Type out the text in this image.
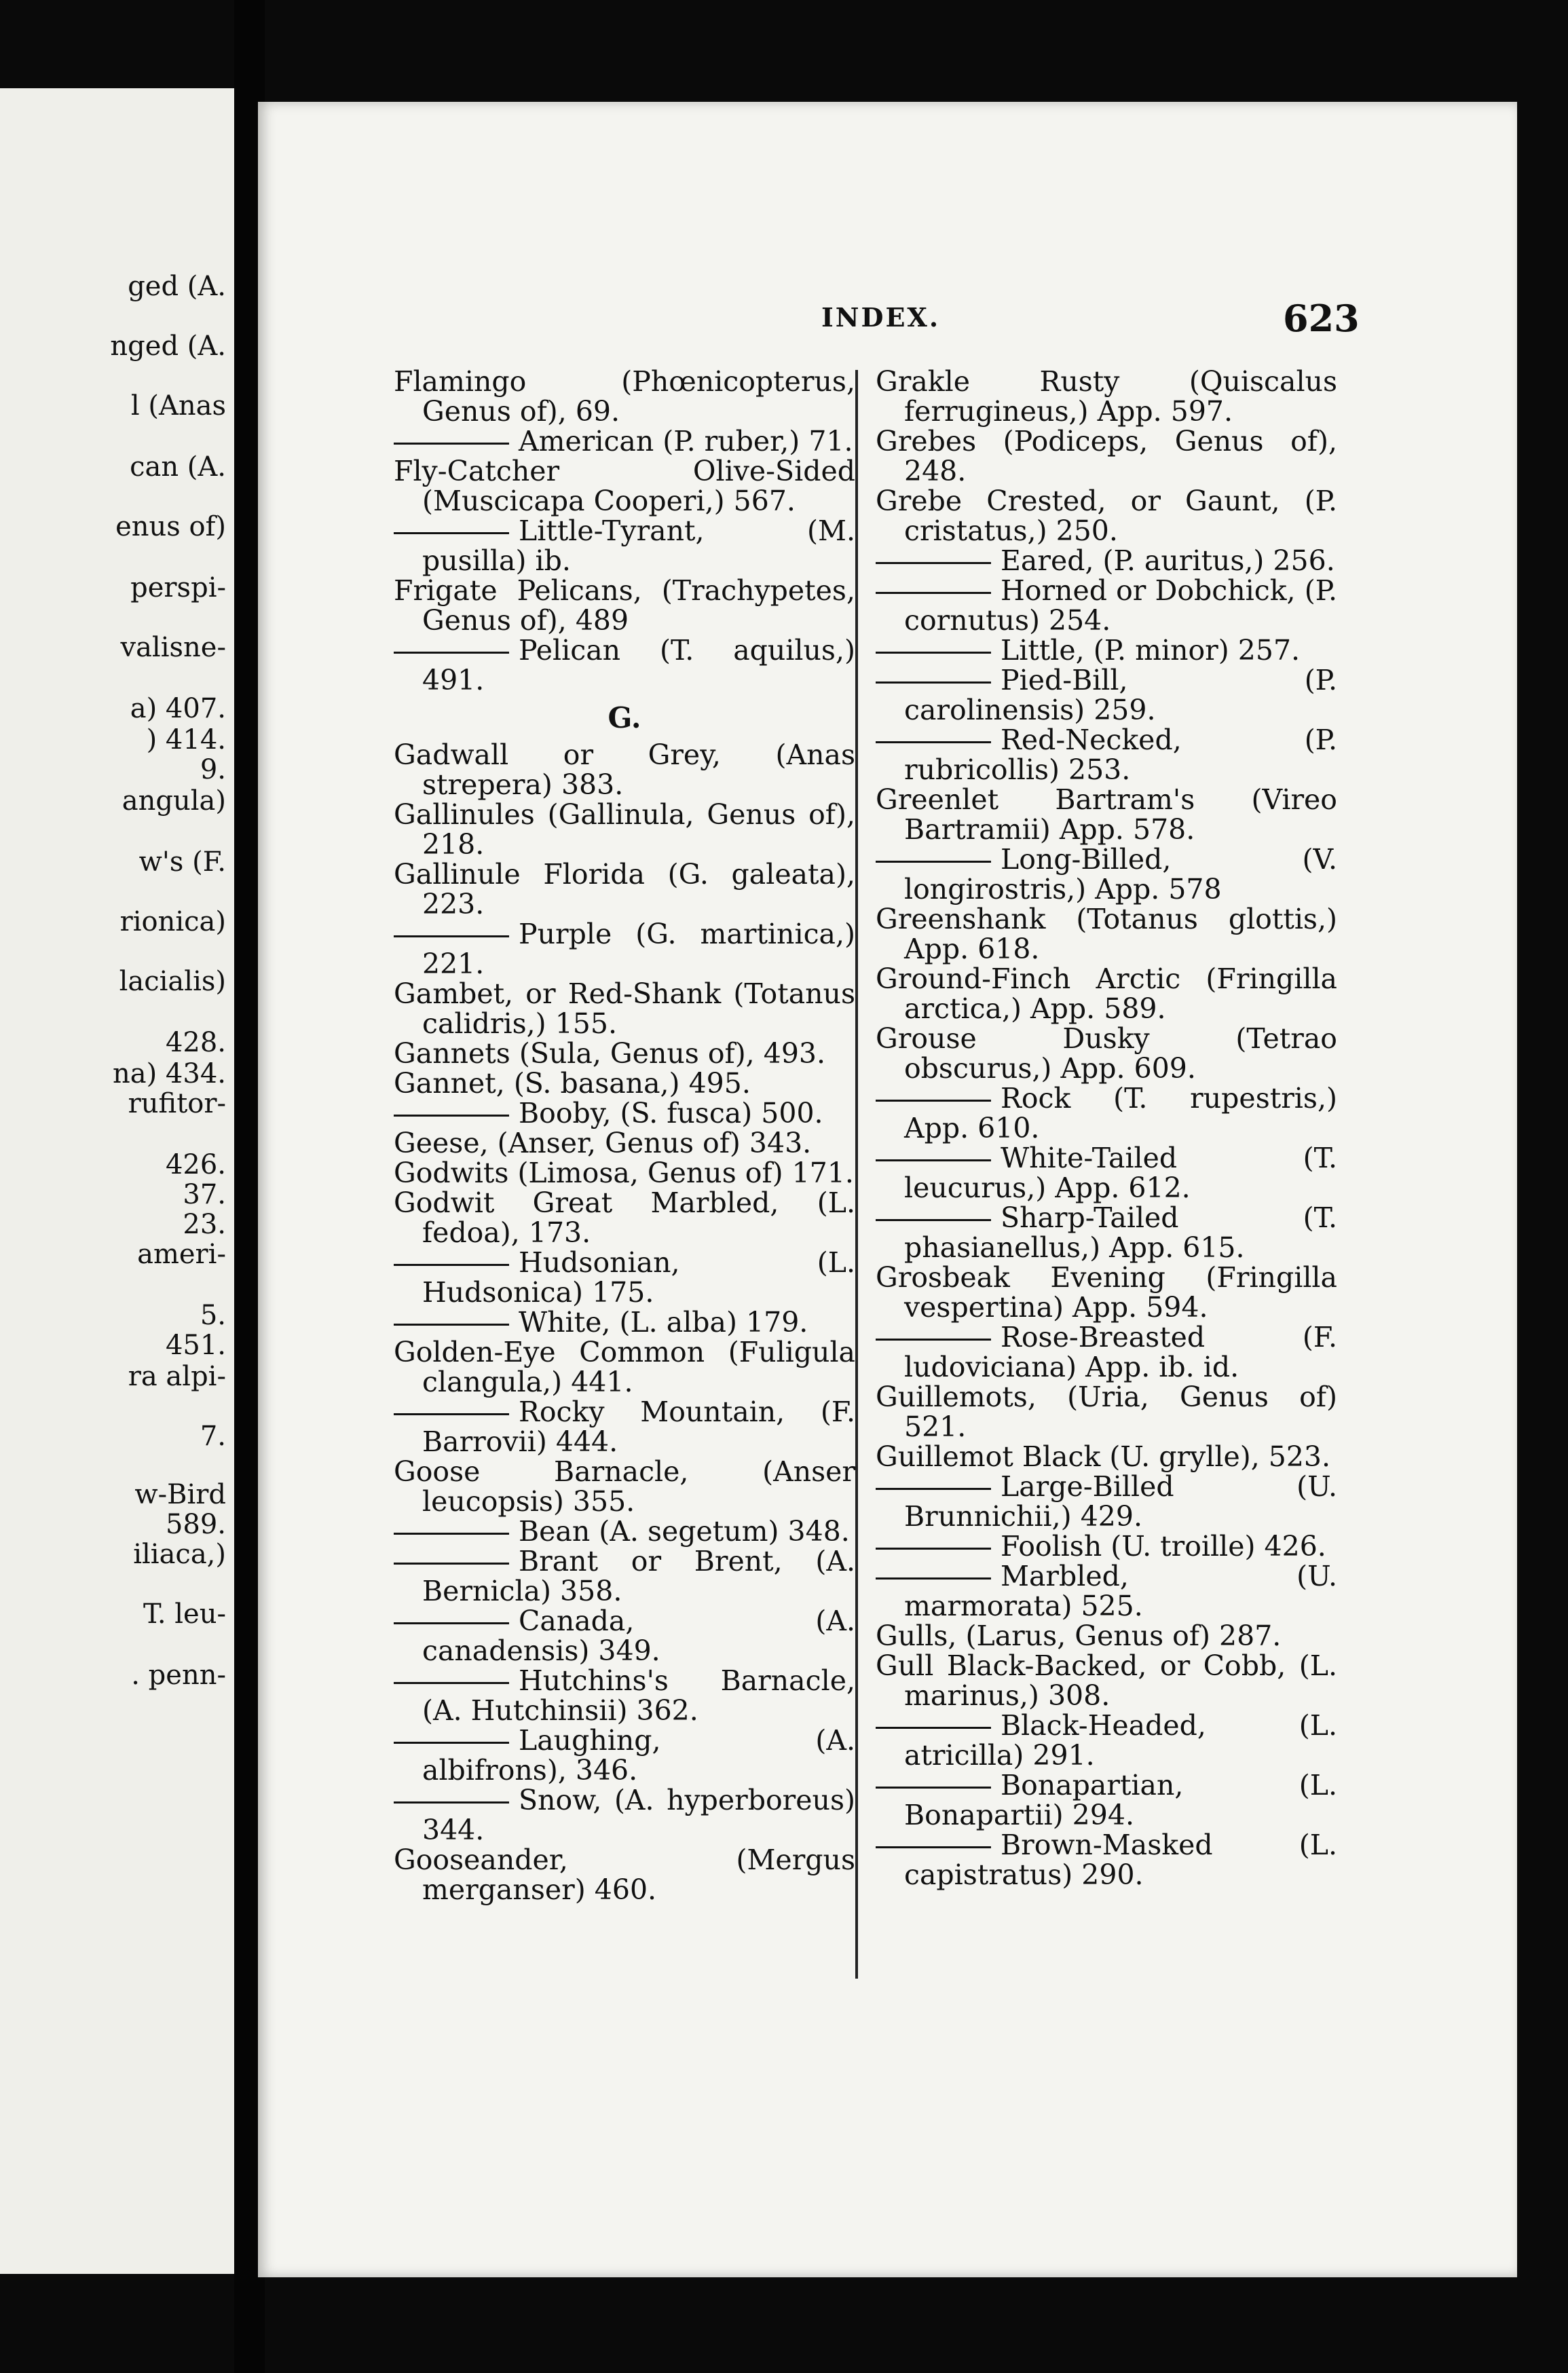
ged (A.
nged (A.
l (Anas
can (A.
enus of)
perspi-
valisne-
a) 407.
) 414.
9.
angula)
w's (F.
rionica)
lacialis)
428.
na) 434.
rufitor-
426.
37.
23.
ameri-
5.
451.
ra alpi-
7.
w-Bird
589.
iliaca,)
T. leu-
. penn-
INDEX.	623

Flamingo (Phœnicopterus, Genus of), 69.

American (P. ruber,) 71.

Fly-Catcher Olive-Sided (Muscicapa Cooperi,) 567.

Little-Tyrant, (M. pusilla) ib.

Frigate Pelicans, (Trachypetes, Genus of), 489

Pelican (T. aquilus,) 491.

G.

Gadwall or Grey, (Anas strepera) 383.

Gallinules (Gallinula, Genus of), 218.

Gallinule Florida (G. galeata), 223.

Purple (G. martinica,) 221.

Gambet, or Red-Shank (Totanus calidris,) 155.

Gannets (Sula, Genus of), 493.

Gannet, (S. basana,) 495.

Booby, (S. fusca) 500.

Geese, (Anser, Genus of) 343.

Godwits (Limosa, Genus of) 171.

Godwit Great Marbled, (L. fedoa), 173.

Hudsonian, (L. Hudsonica) 175.

White, (L. alba) 179.

Golden-Eye Common (Fuligula clangula,) 441.

Rocky Mountain, (F. Barrovii) 444.

Goose Barnacle, (Anser leucopsis) 355.

Bean (A. segetum) 348.

Brant or Brent, (A. Bernicla) 358.

Canada, (A. canadensis) 349.

Hutchins's Barnacle, (A. Hutchinsii) 362.

Laughing, (A. albifrons), 346.

Snow, (A. hyperboreus) 344.

Gooseander, (Mergus merganser) 460.

Grakle Rusty (Quiscalus ferrugineus,) App. 597.

Grebes (Podiceps, Genus of), 248.

Grebe Crested, or Gaunt, (P. cristatus,) 250.

Eared, (P. auritus,) 256.

Horned or Dobchick, (P. cornutus) 254.

Little, (P. minor) 257.

Pied-Bill, (P. carolinensis) 259.

Red-Necked, (P. rubricollis) 253.

Greenlet Bartram's (Vireo Bartramii) App. 578.

Long-Billed, (V. longirostris,) App. 578

Greenshank (Totanus glottis,) App. 618.

Ground-Finch Arctic (Fringilla arctica,) App. 589.

Grouse Dusky (Tetrao obscurus,) App. 609.

Rock (T. rupestris,) App. 610.

White-Tailed (T. leucurus,) App. 612.

Sharp-Tailed (T. phasianellus,) App. 615.

Grosbeak Evening (Fringilla vespertina) App. 594.

Rose-Breasted (F. ludoviciana) App. ib. id.

Guillemots, (Uria, Genus of) 521.

Guillemot Black (U. grylle), 523.

Large-Billed (U. Brunnichii,) 429.

Foolish (U. troille) 426.

Marbled, (U. marmorata) 525.

Gulls, (Larus, Genus of) 287.

Gull Black-Backed, or Cobb, (L. marinus,) 308.

Black-Headed, (L. atricilla) 291.

Bonapartian, (L. Bonapartii) 294.

Brown-Masked (L. capistratus) 290.
